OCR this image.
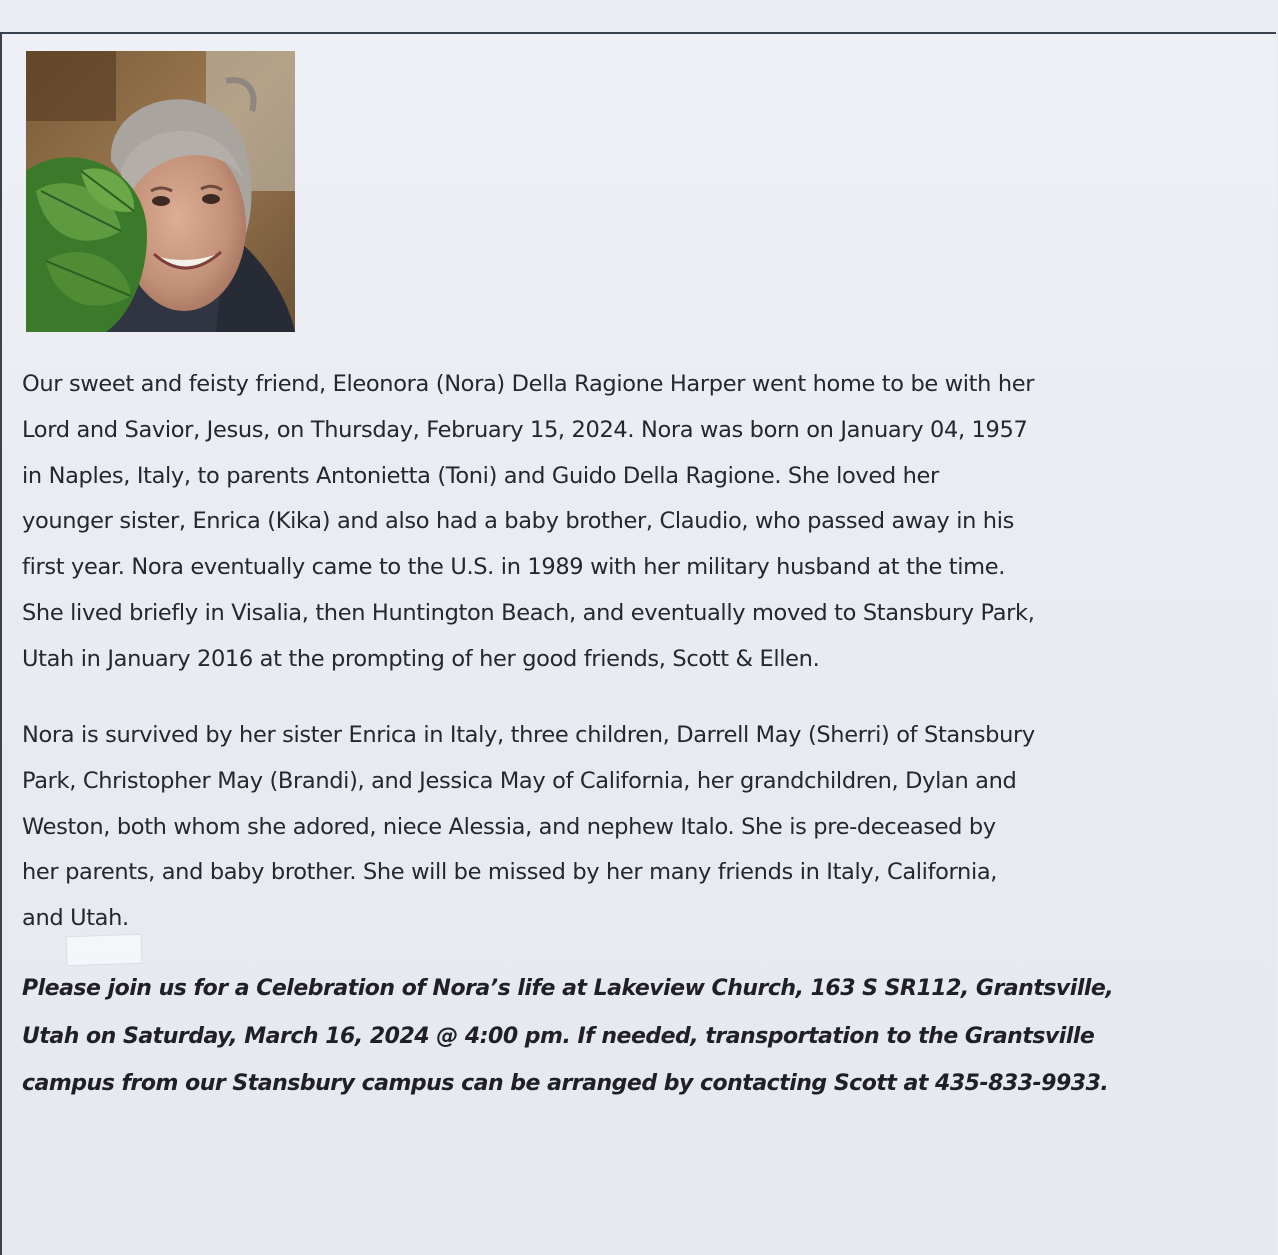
Our sweet and feisty friend, Eleonora (Nora) Della Ragione Harper went home to be with her
Lord and Savior, Jesus, on Thursday, February 15, 2024. Nora was born on January 04, 1957
in Naples, Italy, to parents Antonietta (Toni) and Guido Della Ragione. She loved her
younger sister, Enrica (Kika) and also had a baby brother, Claudio, who passed away in his
first year. Nora eventually came to the U.S. in 1989 with her military husband at the time.
She lived briefly in Visalia, then Huntington Beach, and eventually moved to Stansbury Park,
Utah in January 2016 at the prompting of her good friends, Scott & Ellen.
Nora is survived by her sister Enrica in Italy, three children, Darrell May (Sherri) of Stansbury
Park, Christopher May (Brandi), and Jessica May of California, her grandchildren, Dylan and
Weston, both whom she adored, niece Alessia, and nephew Italo. She is pre-deceased by
her parents, and baby brother. She will be missed by her many friends in Italy, California,
and Utah.
Please join us for a Celebration of Nora’s life at Lakeview Church, 163 S SR112, Grantsville,
Utah on Saturday, March 16, 2024 @ 4:00 pm. If needed, transportation to the Grantsville
campus from our Stansbury campus can be arranged by contacting Scott at 435-833-9933.
